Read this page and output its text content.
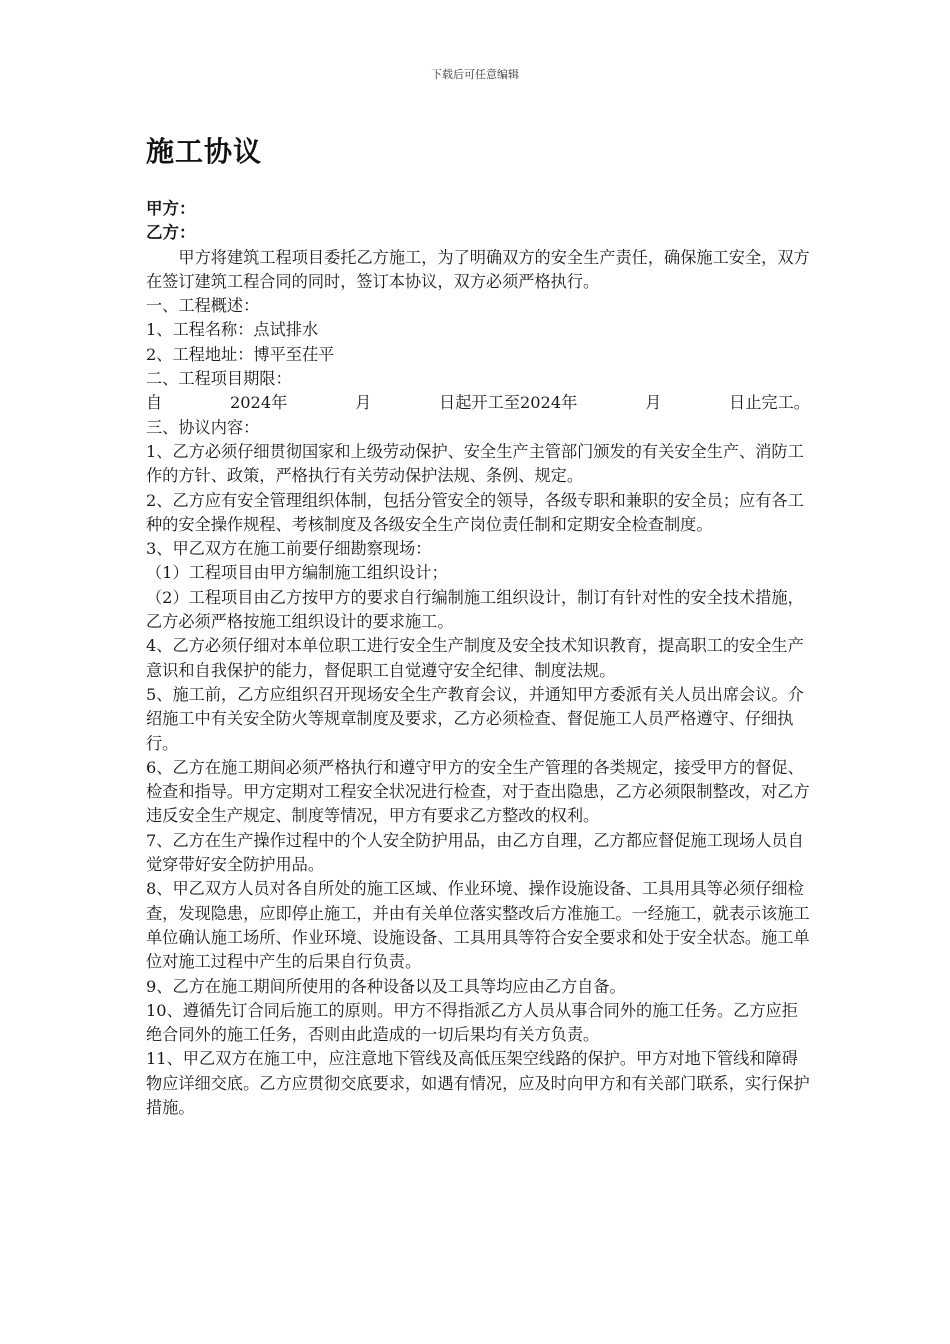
下载后可任意编辑
施工协议

甲方：

乙方：

甲方将建筑工程项目委托乙方施工，为了明确双方的安全生产责任，确保施工安全，双方在签订建筑工程合同的同时，签订本协议，双方必须严格执行。

一、工程概述：

1、工程名称：点试排水

2、工程地址：博平至茌平

二、工程项目期限：

自	2024年	月	日起开工至2024年	月	日止完工。

三、协议内容：

1、乙方必须仔细贯彻国家和上级劳动保护、安全生产主管部门颁发的有关安全生产、消防工作的方针、政策，严格执行有关劳动保护法规、条例、规定。

2、乙方应有安全管理组织体制，包括分管安全的领导，各级专职和兼职的安全员；应有各工种的安全操作规程、考核制度及各级安全生产岗位责任制和定期安全检查制度。

3、甲乙双方在施工前要仔细勘察现场：

（1）工程项目由甲方编制施工组织设计；

（2）工程项目由乙方按甲方的要求自行编制施工组织设计，制订有针对性的安全技术措施，乙方必须严格按施工组织设计的要求施工。

4、乙方必须仔细对本单位职工进行安全生产制度及安全技术知识教育，提高职工的安全生产意识和自我保护的能力，督促职工自觉遵守安全纪律、制度法规。

5、施工前，乙方应组织召开现场安全生产教育会议，并通知甲方委派有关人员出席会议。介绍施工中有关安全防火等规章制度及要求，乙方必须检查、督促施工人员严格遵守、仔细执行。

6、乙方在施工期间必须严格执行和遵守甲方的安全生产管理的各类规定，接受甲方的督促、检查和指导。甲方定期对工程安全状况进行检查，对于查出隐患，乙方必须限制整改，对乙方违反安全生产规定、制度等情况，甲方有要求乙方整改的权利。

7、乙方在生产操作过程中的个人安全防护用品，由乙方自理，乙方都应督促施工现场人员自觉穿带好安全防护用品。

8、甲乙双方人员对各自所处的施工区域、作业环境、操作设施设备、工具用具等必须仔细检查，发现隐患，应即停止施工，并由有关单位落实整改后方准施工。一经施工，就表示该施工单位确认施工场所、作业环境、设施设备、工具用具等符合安全要求和处于安全状态。施工单位对施工过程中产生的后果自行负责。

9、乙方在施工期间所使用的各种设备以及工具等均应由乙方自备。

10、遵循先订合同后施工的原则。甲方不得指派乙方人员从事合同外的施工任务。乙方应拒绝合同外的施工任务，否则由此造成的一切后果均有关方负责。

11、甲乙双方在施工中，应注意地下管线及高低压架空线路的保护。甲方对地下管线和障碍物应详细交底。乙方应贯彻交底要求，如遇有情况，应及时向甲方和有关部门联系，实行保护措施。
